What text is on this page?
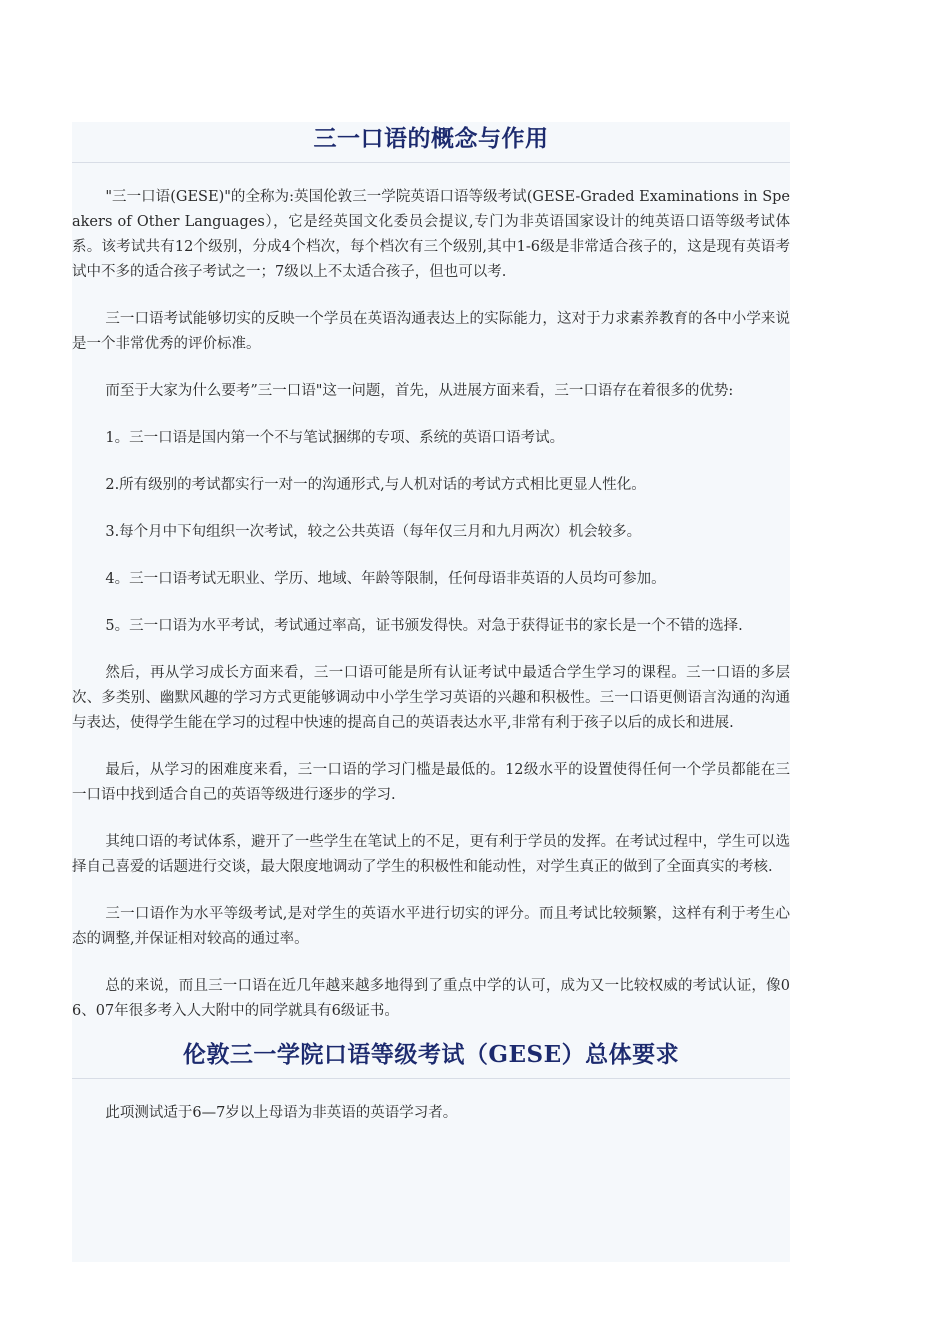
三一口语的概念与作用

"三一口语(GESE)"的全称为:英国伦敦三一学院英语口语等级考试(GESE-Graded Examinations in Speakers of Other Languages），它是经英国文化委员会提议,专门为非英语国家设计的纯英语口语等级考试体系。该考试共有12个级别，分成4个档次，每个档次有三个级别,其中1-6级是非常适合孩子的，这是现有英语考试中不多的适合孩子考试之一；7级以上不太适合孩子，但也可以考.

三一口语考试能够切实的反映一个学员在英语沟通表达上的实际能力，这对于力求素养教育的各中小学来说是一个非常优秀的评价标准。

而至于大家为什么要考”三一口语"这一问题，首先，从进展方面来看，三一口语存在着很多的优势:

1。三一口语是国内第一个不与笔试捆绑的专项、系统的英语口语考试。

2.所有级别的考试都实行一对一的沟通形式,与人机对话的考试方式相比更显人性化。

3.每个月中下旬组织一次考试，较之公共英语（每年仅三月和九月两次）机会较多。

4。三一口语考试无职业、学历、地域、年龄等限制，任何母语非英语的人员均可参加。

5。三一口语为水平考试，考试通过率高，证书颁发得快。对急于获得证书的家长是一个不错的选择.

然后，再从学习成长方面来看，三一口语可能是所有认证考试中最适合学生学习的课程。三一口语的多层次、多类别、幽默风趣的学习方式更能够调动中小学生学习英语的兴趣和积极性。三一口语更侧语言沟通的沟通与表达，使得学生能在学习的过程中快速的提高自己的英语表达水平,非常有利于孩子以后的成长和进展.

最后，从学习的困难度来看，三一口语的学习门槛是最低的。12级水平的设置使得任何一个学员都能在三一口语中找到适合自己的英语等级进行逐步的学习.

其纯口语的考试体系，避开了一些学生在笔试上的不足，更有利于学员的发挥。在考试过程中，学生可以选择自己喜爱的话题进行交谈，最大限度地调动了学生的积极性和能动性，对学生真正的做到了全面真实的考核.

三一口语作为水平等级考试,是对学生的英语水平进行切实的评分。而且考试比较频繁，这样有利于考生心态的调整,并保证相对较高的通过率。

总的来说，而且三一口语在近几年越来越多地得到了重点中学的认可，成为又一比较权威的考试认证，像06、07年很多考入人大附中的同学就具有6级证书。

伦敦三一学院口语等级考试（GESE）总体要求

此项测试适于6—7岁以上母语为非英语的英语学习者。
